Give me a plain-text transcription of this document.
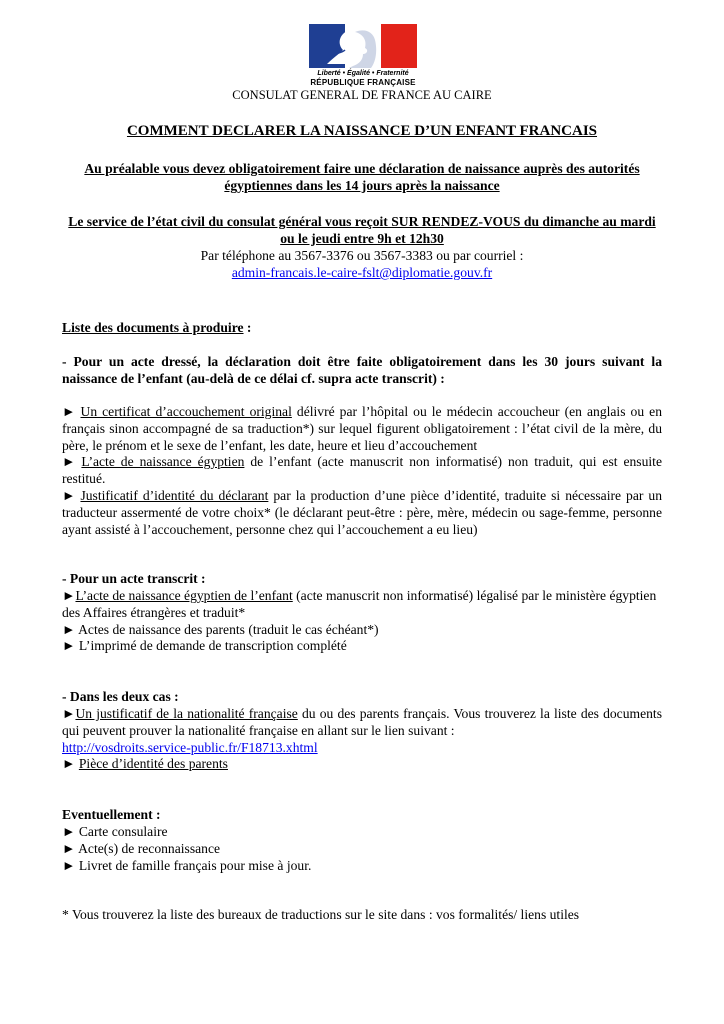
Liberté • Égalité • Fraternité
RÉPUBLIQUE FRANÇAISE
CONSULAT GENERAL DE FRANCE AU CAIRE
COMMENT DECLARER LA NAISSANCE D’UN ENFANT FRANCAIS
Au préalable vous devez obligatoirement faire une déclaration de naissance auprès des autorités égyptiennes dans les 14 jours après la naissance
Le service de l’état civil du consulat général vous reçoit SUR RENDEZ-VOUS du dimanche au mardi ou le jeudi entre 9h et 12h30
Par téléphone au 3567-3376 ou 3567-3383 ou par courriel :
admin-francais.le-caire-fslt@diplomatie.gouv.fr
Liste des documents à produire :
- Pour un acte dressé, la déclaration doit être faite obligatoirement dans les 30 jours suivant la naissance de l’enfant (au-delà de ce délai cf. supra acte transcrit) :

► Un certificat d’accouchement original délivré par l’hôpital ou le médecin accoucheur (en anglais ou en français sinon accompagné de sa traduction*) sur lequel figurent obligatoirement : l’état civil de la mère, du père, le prénom et le sexe de l’enfant, les date, heure et lieu d’accouchement

► L’acte de naissance égyptien de l’enfant (acte manuscrit non informatisé) non traduit, qui est ensuite restitué.

► Justificatif d’identité du déclarant par la production d’une pièce d’identité, traduite si nécessaire par un traducteur assermenté de votre choix* (le déclarant peut-être : père, mère, médecin ou sage-femme, personne ayant assisté à l’accouchement, personne chez qui l’accouchement a eu lieu)

- Pour un acte transcrit :

►L’acte de naissance égyptien de l’enfant (acte manuscrit non informatisé) légalisé par le ministère égyptien des Affaires étrangères et traduit*

► Actes de naissance des parents (traduit le cas échéant*)

► L’imprimé de demande de transcription complété

- Dans les deux cas :

►Un justificatif de la nationalité française du ou des parents français. Vous trouverez la liste des documents qui peuvent prouver la nationalité française en allant sur le lien suivant :
http://vosdroits.service-public.fr/F18713.xhtml

► Pièce d’identité des parents

Eventuellement :

► Carte consulaire

► Acte(s) de reconnaissance

► Livret de famille français pour mise à jour.

* Vous trouverez la liste des bureaux de traductions sur le site dans : vos formalités/ liens utiles
